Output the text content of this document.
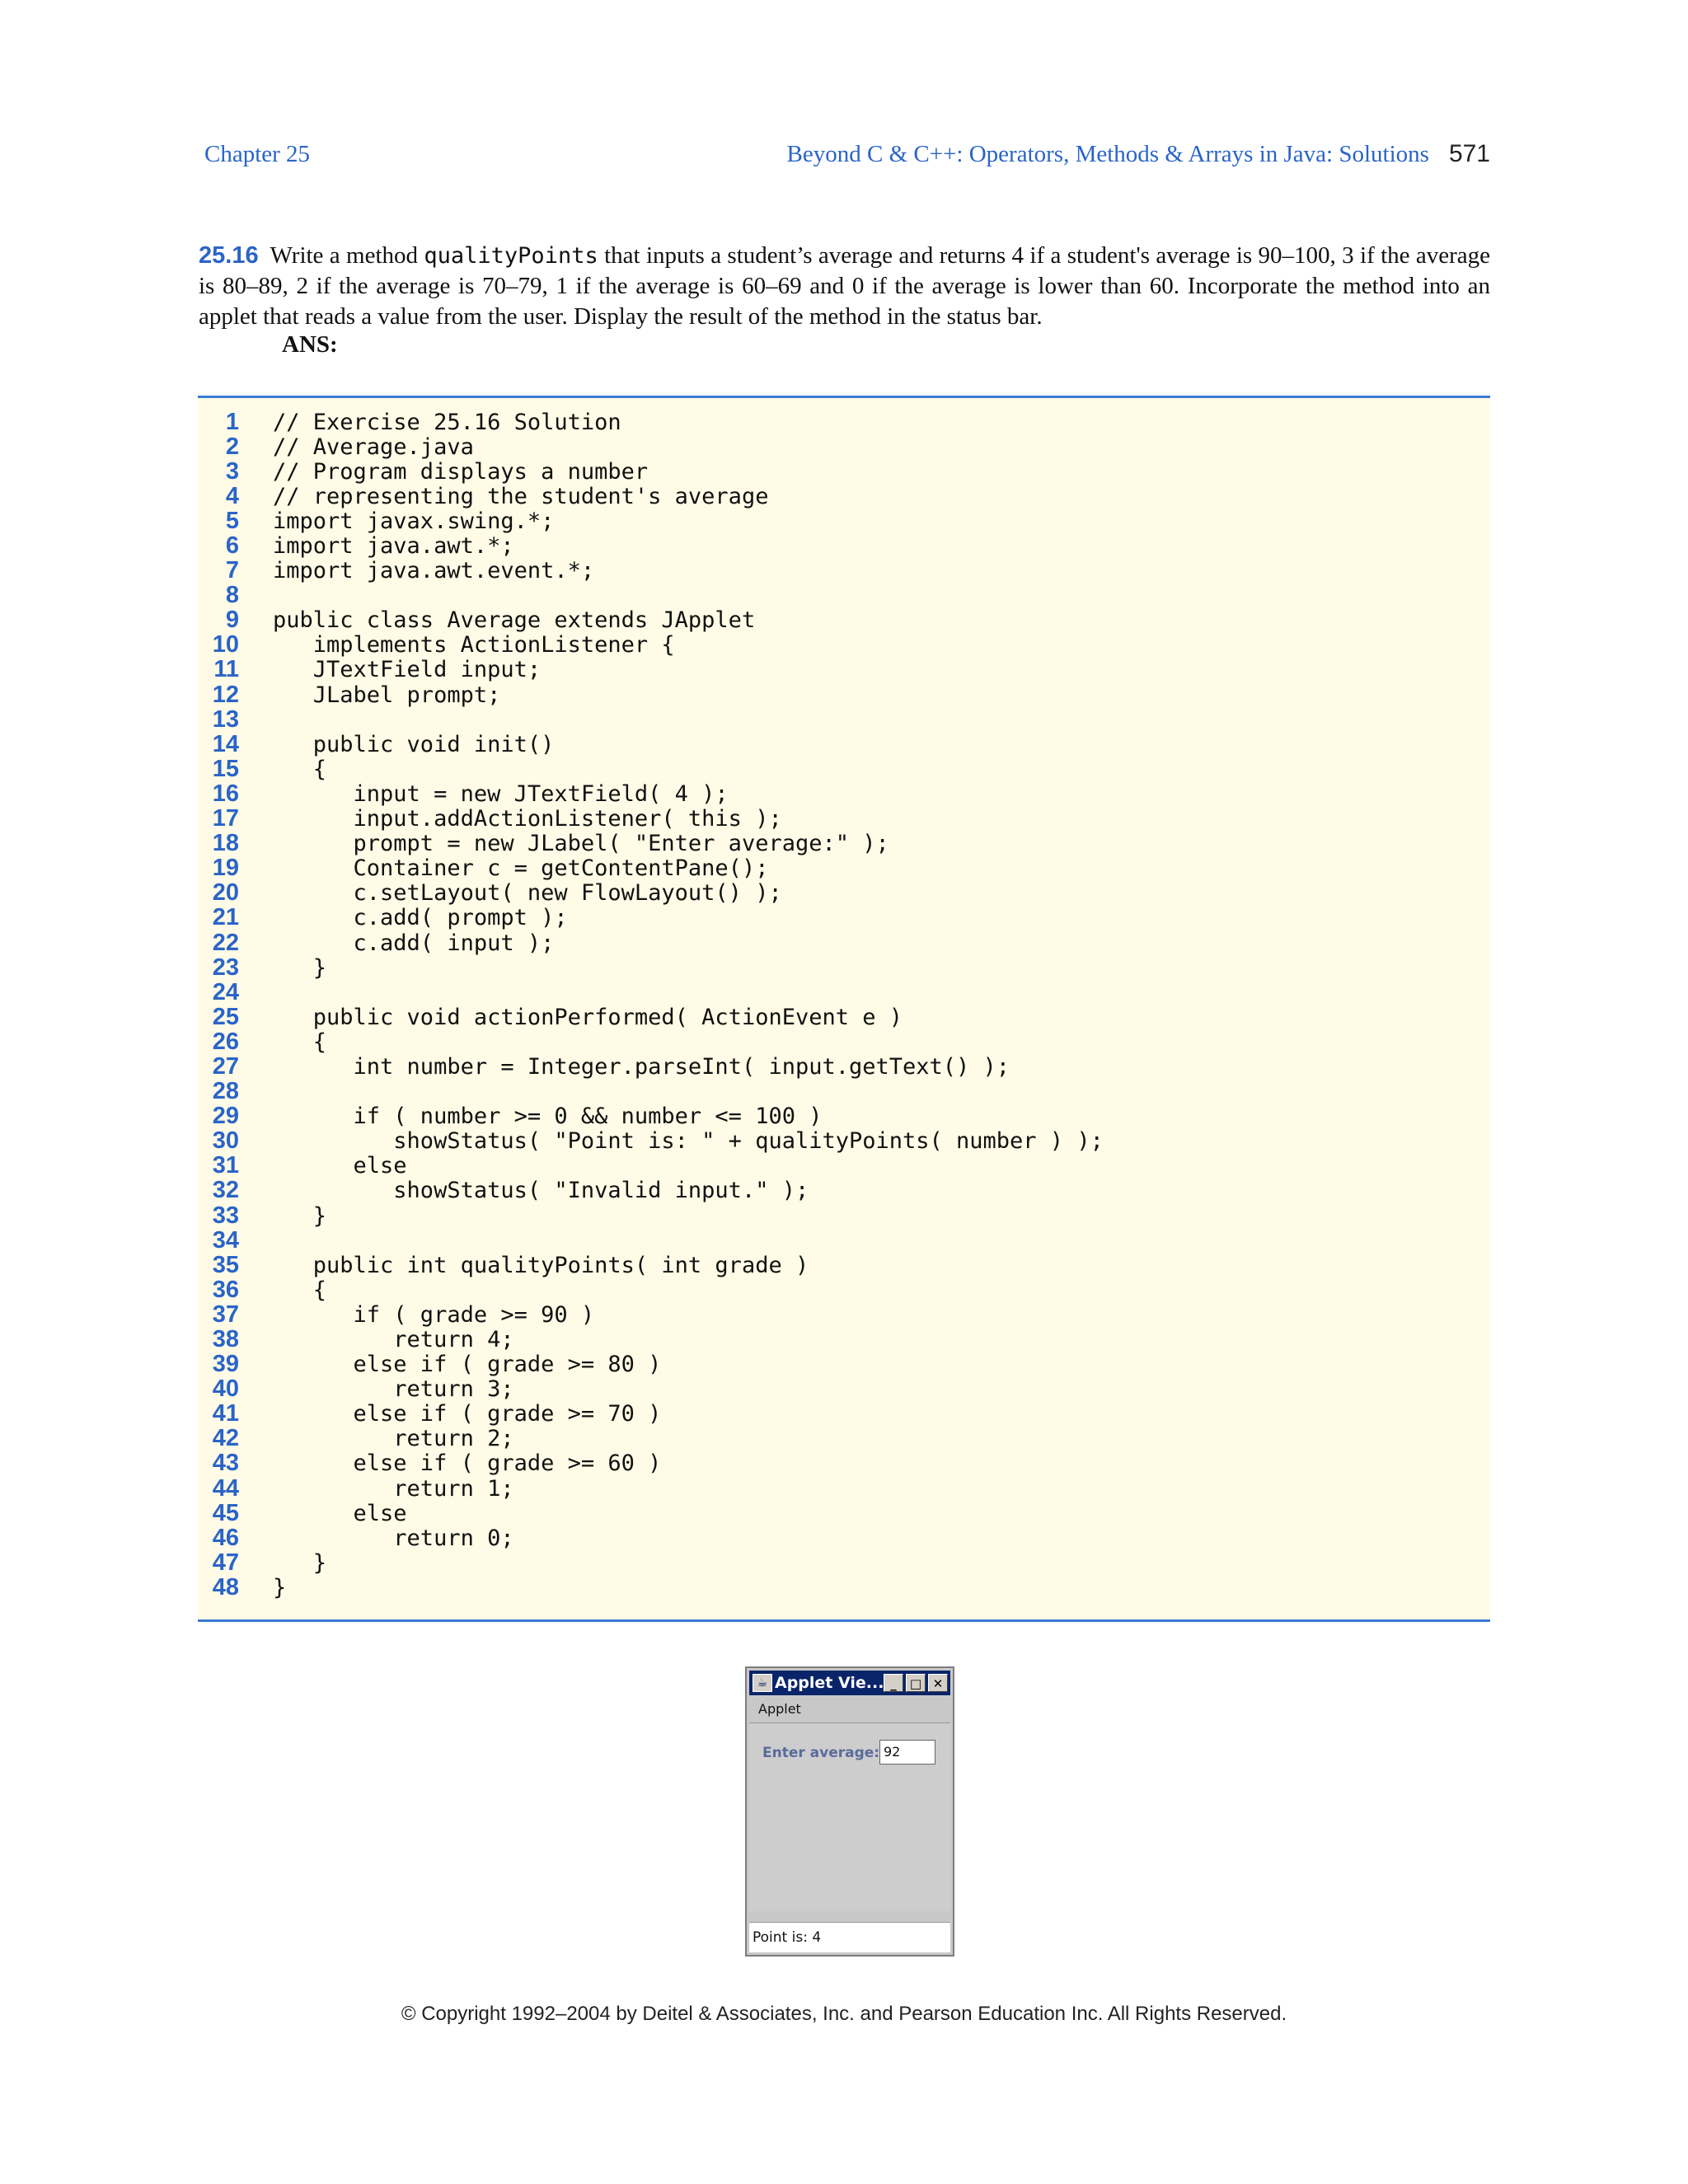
Chapter 25	Beyond C & C++: Operators, Methods & Arrays in Java: Solutions 571
25.16 Write a method qualityPoints that inputs a student’s average and returns 4 if a student's average is 90–100, 3 if the average is 80–89, 2 if the average is 70–79, 1 if the average is 60–69 and 0 if the average is lower than 60. Incorporate the method into an applet that reads a value from the user. Display the result of the method in the status bar.
ANS:
1 // Exercise 25.16 Solution
2 // Average.java
3 // Program displays a number
4 // representing the student's average
5 import javax.swing.*;
6 import java.awt.*;
7 import java.awt.event.*;
8
9 public class Average extends JApplet
10 implements ActionListener {
11 JTextField input;
12 JLabel prompt;
13
14 public void init()
15 {
16 input = new JTextField( 4 );
17 input.addActionListener( this );
18 prompt = new JLabel( "Enter average:" );
19 Container c = getContentPane();
20 c.setLayout( new FlowLayout() );
21 c.add( prompt );
22 c.add( input );
23 }
24
25 public void actionPerformed( ActionEvent e )
26 {
27 int number = Integer.parseInt( input.getText() );
28
29 if ( number >= 0 && number <= 100 )
30 showStatus( "Point is: " + qualityPoints( number ) );
31 else
32 showStatus( "Invalid input." );
33 }
34
35 public int qualityPoints( int grade )
36 {
37 if ( grade >= 90 )
38 return 4;
39 else if ( grade >= 80 )
40 return 3;
41 else if ( grade >= 70 )
42 return 2;
43 else if ( grade >= 60 )
44 return 1;
45 else
46 return 0;
47 }
48 }
☕ Applet Vie... _	□ ✕
Applet
Enter average: 92
Point is: 4
© Copyright 1992–2004 by Deitel & Associates, Inc. and Pearson Education Inc. All Rights Reserved.
